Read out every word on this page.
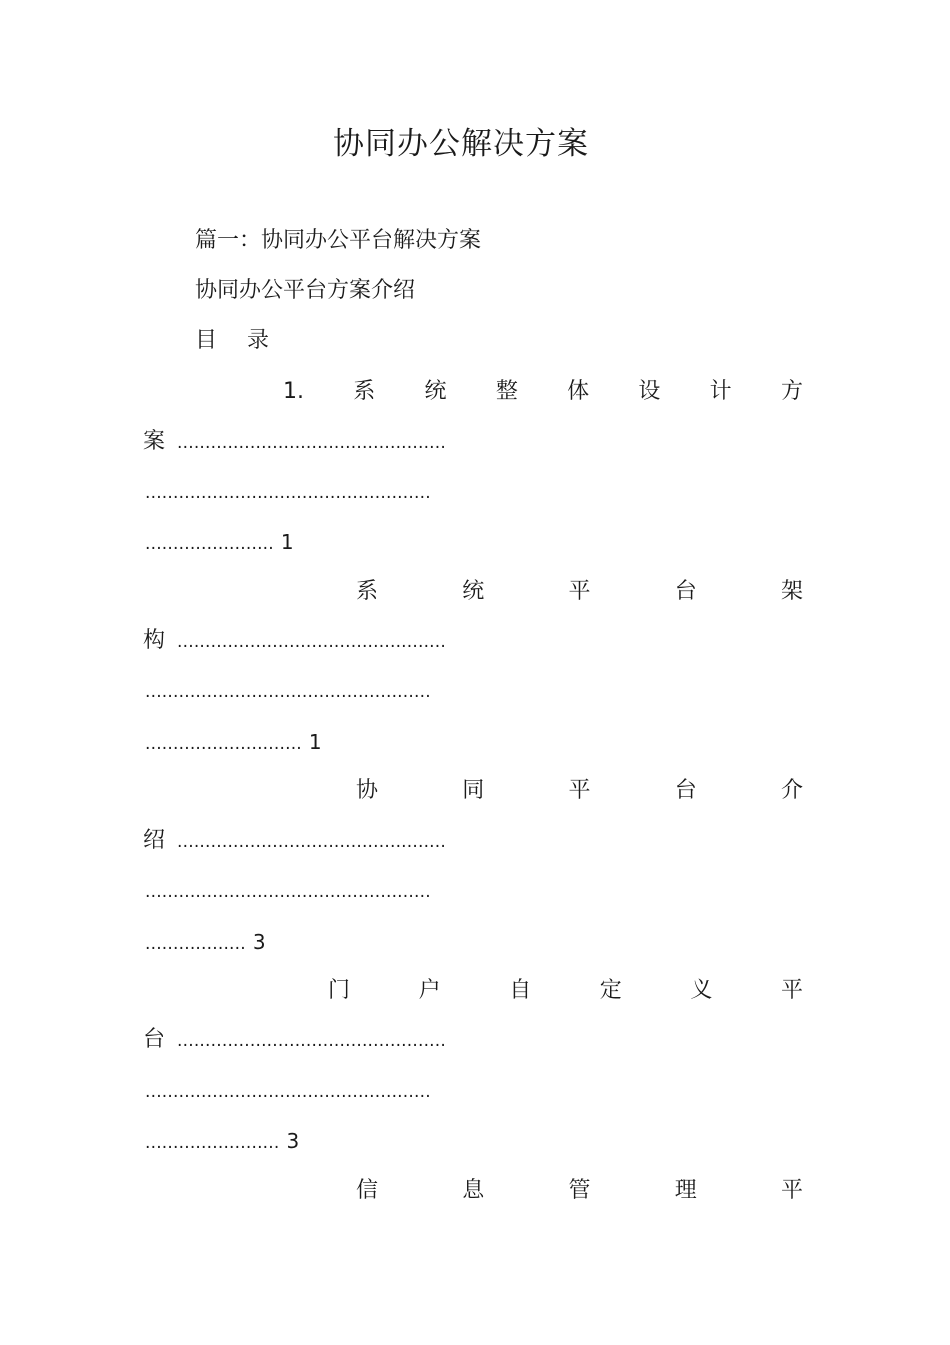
协同办公解决方案
篇一：协同办公平台解决方案
协同办公平台方案介绍
目 录
1. 系 统 整 体 设 计 方
案 ................................................
...................................................
....................... 1
系	统	平	台	架
构 ................................................
...................................................
............................ 1
协	同	平	台	介
绍 ................................................
...................................................
.................. 3
门	户	自	定	义	平
台 ................................................
...................................................
........................ 3
信	息	管	理	平
